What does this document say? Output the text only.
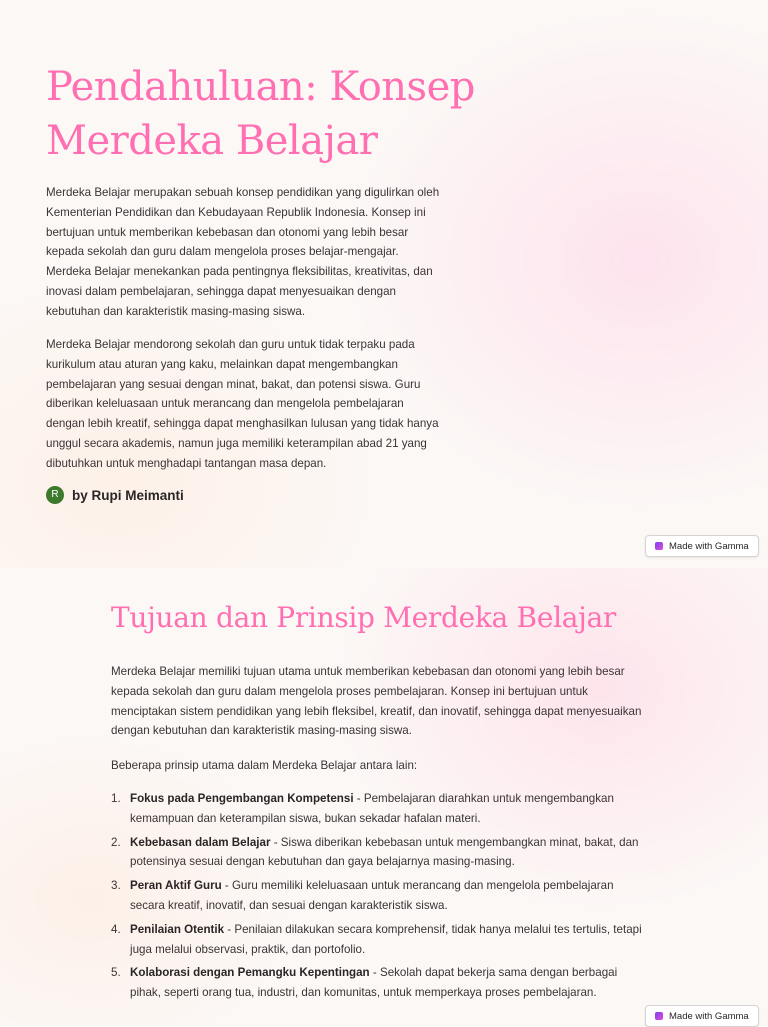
Pendahuluan: Konsep Merdeka Belajar

Merdeka Belajar merupakan sebuah konsep pendidikan yang digulirkan oleh Kementerian Pendidikan dan Kebudayaan Republik Indonesia. Konsep ini bertujuan untuk memberikan kebebasan dan otonomi yang lebih besar kepada sekolah dan guru dalam mengelola proses belajar-mengajar. Merdeka Belajar menekankan pada pentingnya fleksibilitas, kreativitas, dan inovasi dalam pembelajaran, sehingga dapat menyesuaikan dengan kebutuhan dan karakteristik masing-masing siswa.

Merdeka Belajar mendorong sekolah dan guru untuk tidak terpaku pada kurikulum atau aturan yang kaku, melainkan dapat mengembangkan pembelajaran yang sesuai dengan minat, bakat, dan potensi siswa. Guru diberikan keleluasaan untuk merancang dan mengelola pembelajaran dengan lebih kreatif, sehingga dapat menghasilkan lulusan yang tidak hanya unggul secara akademis, namun juga memiliki keterampilan abad 21 yang dibutuhkan untuk menghadapi tantangan masa depan.

R by Rupi Meimanti
Made with Gamma
Tujuan dan Prinsip Merdeka Belajar

Merdeka Belajar memiliki tujuan utama untuk memberikan kebebasan dan otonomi yang lebih besar kepada sekolah dan guru dalam mengelola proses pembelajaran. Konsep ini bertujuan untuk menciptakan sistem pendidikan yang lebih fleksibel, kreatif, dan inovatif, sehingga dapat menyesuaikan dengan kebutuhan dan karakteristik masing-masing siswa.

Beberapa prinsip utama dalam Merdeka Belajar antara lain:

1. Fokus pada Pengembangan Kompetensi - Pembelajaran diarahkan untuk mengembangkan kemampuan dan keterampilan siswa, bukan sekadar hafalan materi.
2. Kebebasan dalam Belajar - Siswa diberikan kebebasan untuk mengembangkan minat, bakat, dan potensinya sesuai dengan kebutuhan dan gaya belajarnya masing-masing.
3. Peran Aktif Guru - Guru memiliki keleluasaan untuk merancang dan mengelola pembelajaran secara kreatif, inovatif, dan sesuai dengan karakteristik siswa.
4. Penilaian Otentik - Penilaian dilakukan secara komprehensif, tidak hanya melalui tes tertulis, tetapi juga melalui observasi, praktik, dan portofolio.
5. Kolaborasi dengan Pemangku Kepentingan - Sekolah dapat bekerja sama dengan berbagai pihak, seperti orang tua, industri, dan komunitas, untuk memperkaya proses pembelajaran.
Made with Gamma
